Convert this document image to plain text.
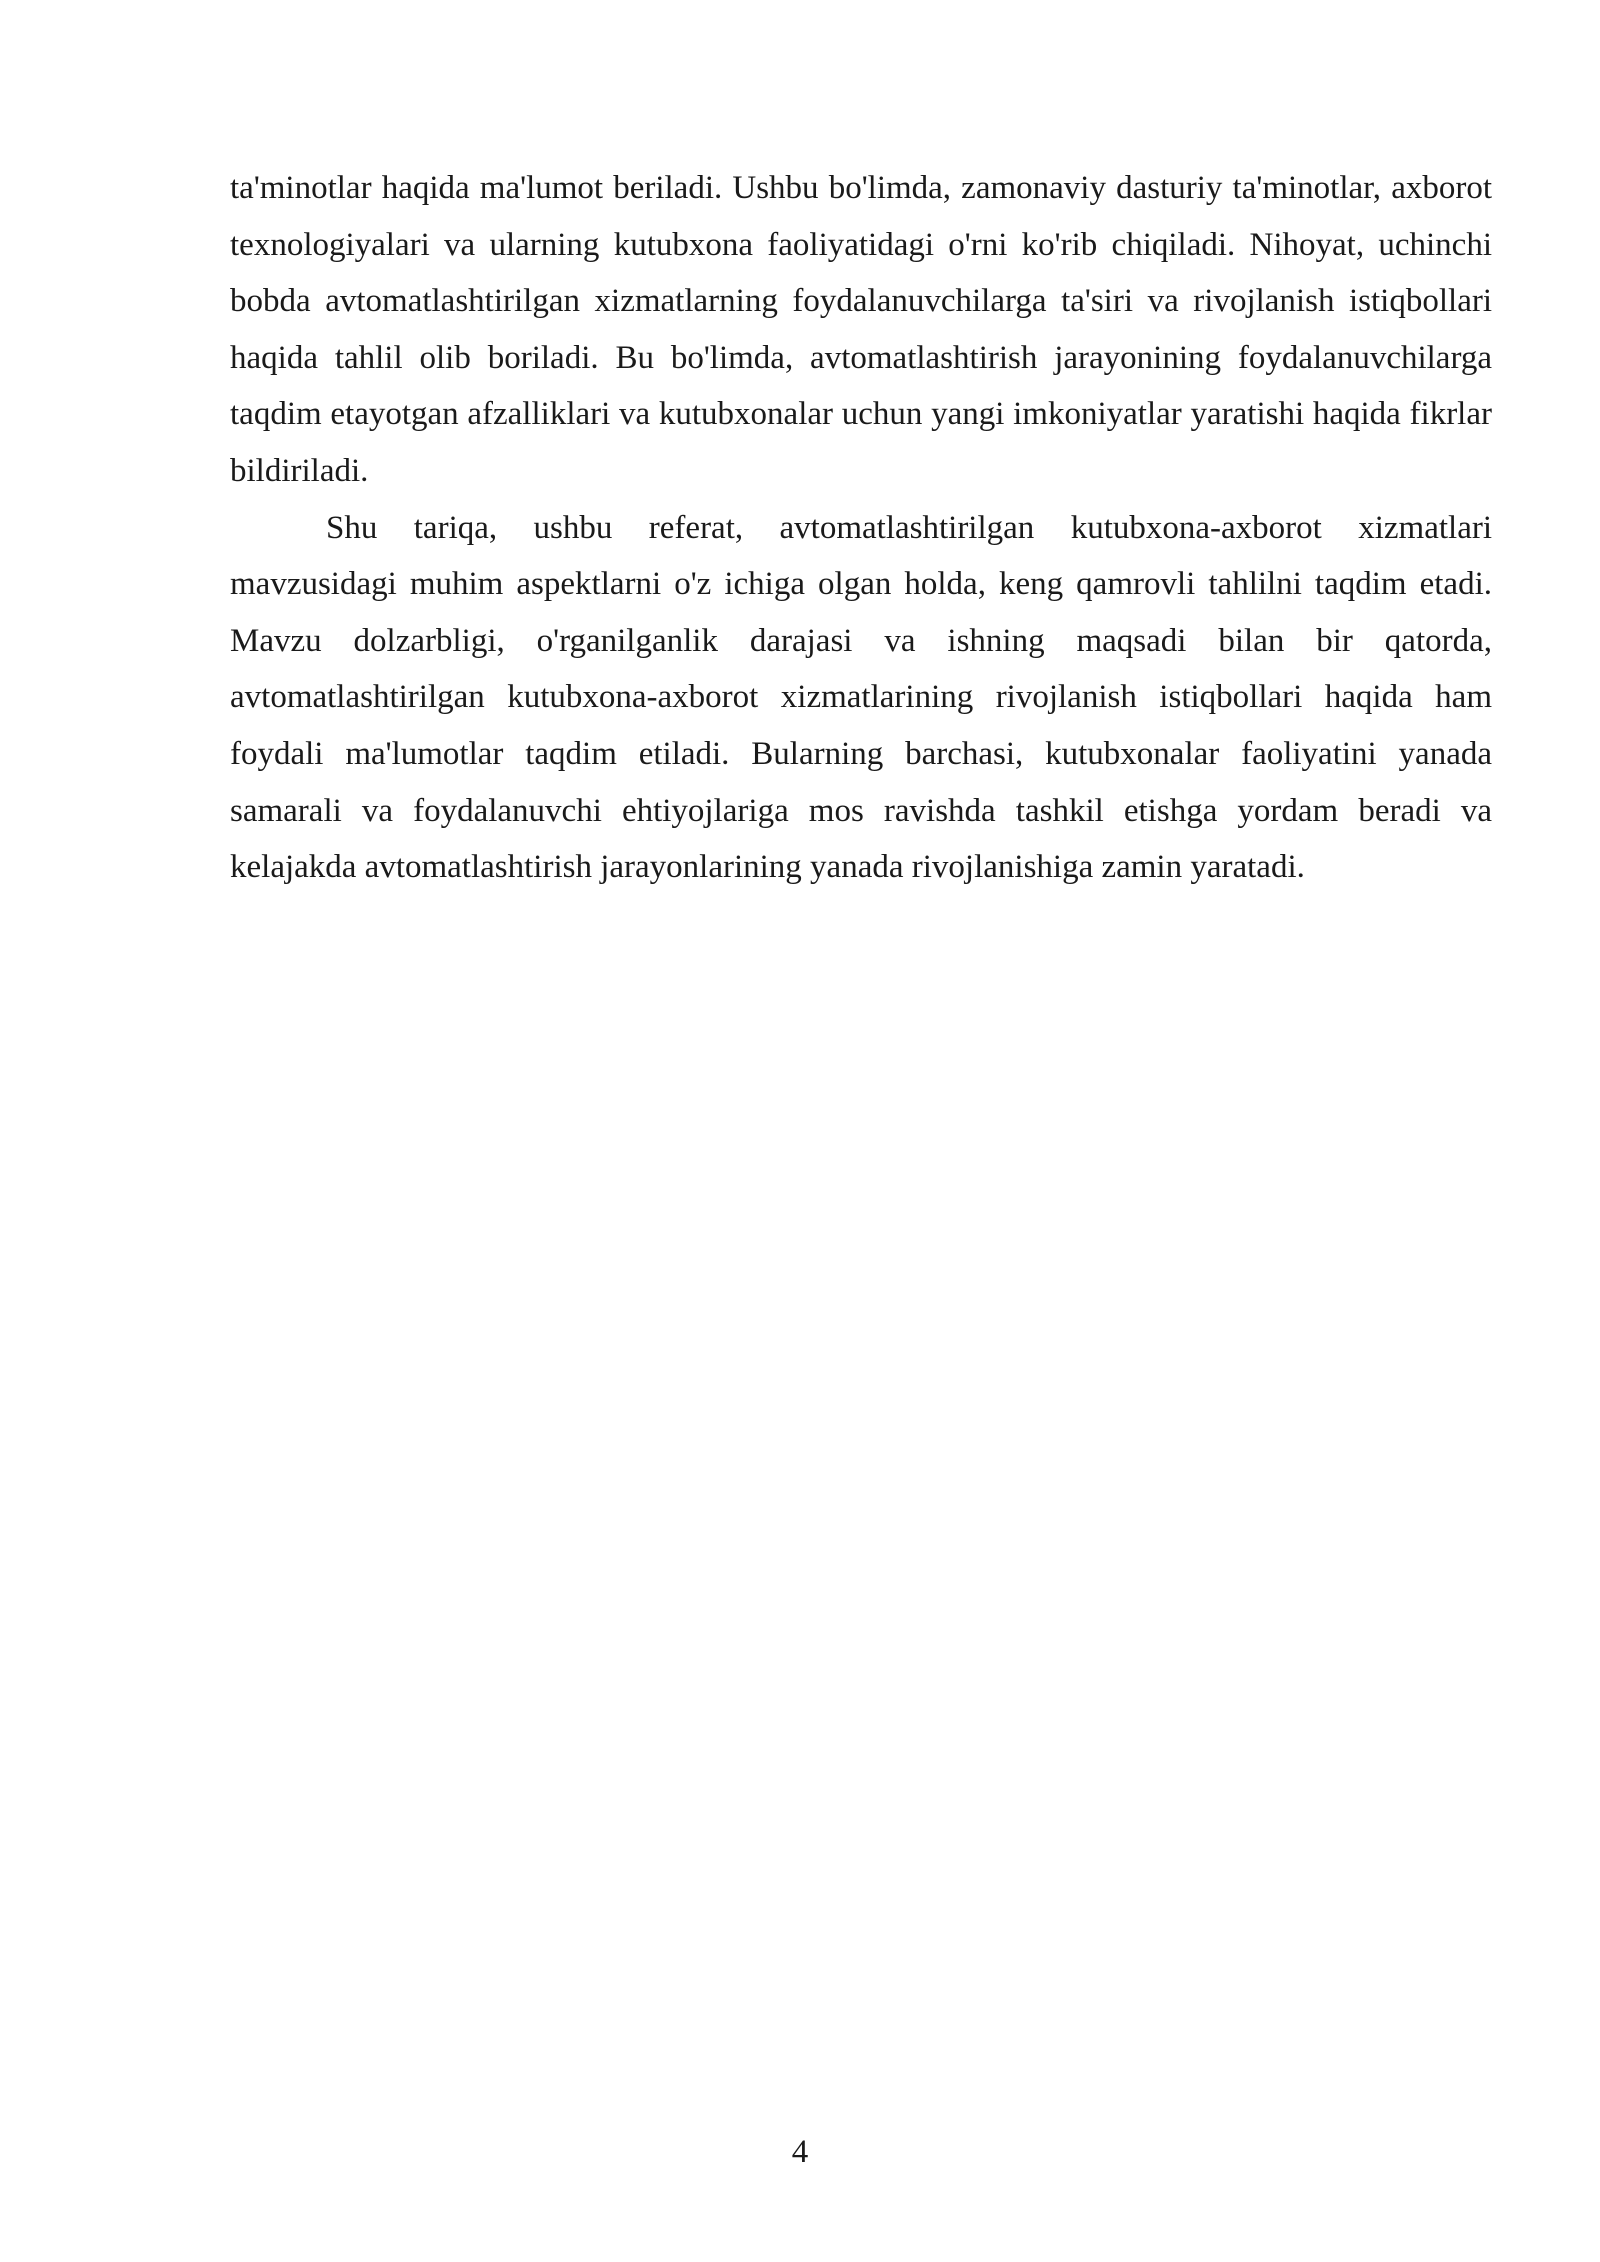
ta'minotlar haqida ma'lumot beriladi. Ushbu bo'limda, zamonaviy dasturiy ta'minotlar, axborot texnologiyalari va ularning kutubxona faoliyatidagi o'rni ko'rib chiqiladi. Nihoyat, uchinchi bobda avtomatlashtirilgan xizmatlarning foydalanuvchilarga ta'siri va rivojlanish istiqbollari haqida tahlil olib boriladi. Bu bo'limda, avtomatlashtirish jarayonining foydalanuvchilarga taqdim etayotgan afzalliklari va kutubxonalar uchun yangi imkoniyatlar yaratishi haqida fikrlar bildiriladi.

Shu tariqa, ushbu referat, avtomatlashtirilgan kutubxona-axborot xizmatlari mavzusidagi muhim aspektlarni o'z ichiga olgan holda, keng qamrovli tahlilni taqdim etadi. Mavzu dolzarbligi, o'rganilganlik darajasi va ishning maqsadi bilan bir qatorda, avtomatlashtirilgan kutubxona-axborot xizmatlarining rivojlanish istiqbollari haqida ham foydali ma'lumotlar taqdim etiladi. Bularning barchasi, kutubxonalar faoliyatini yanada samarali va foydalanuvchi ehtiyojlariga mos ravishda tashkil etishga yordam beradi va kelajakda avtomatlashtirish jarayonlarining yanada rivojlanishiga zamin yaratadi.

4
